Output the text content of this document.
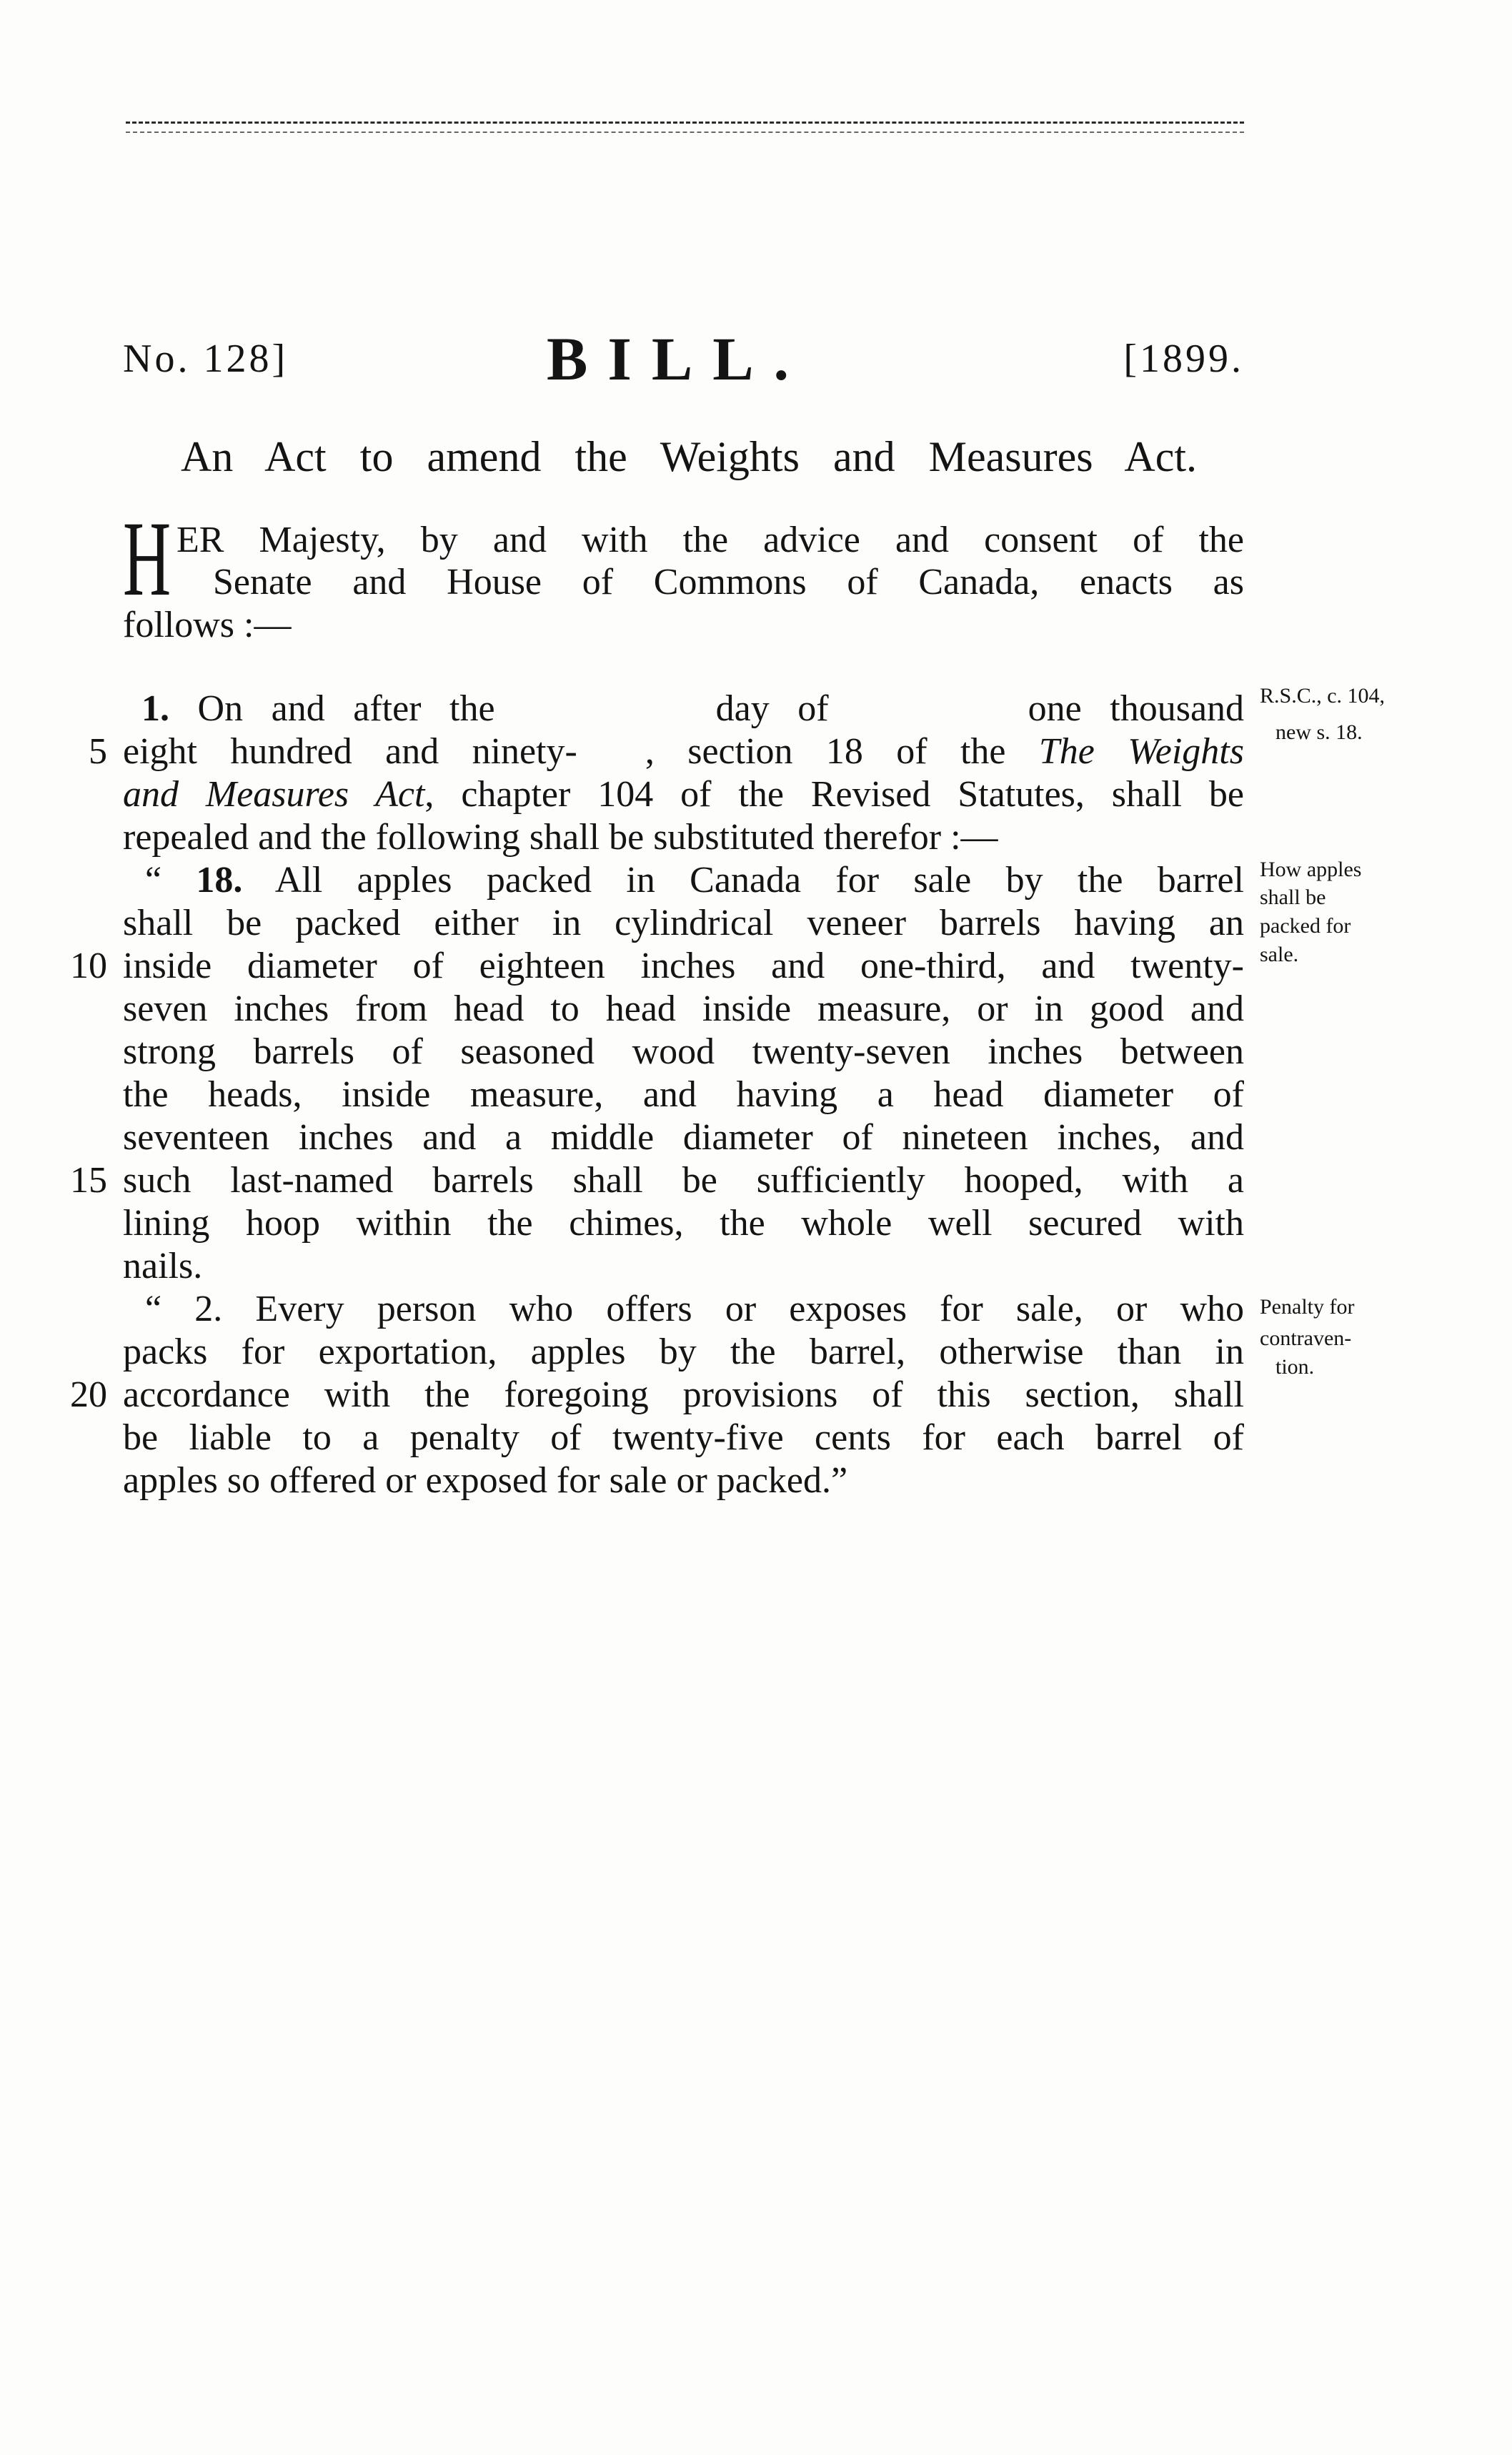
No. 128]	BILL.	[1899.
An Act to amend the Weights and Measures Act.
H ER Majesty, by and with the advice and consent of the
Senate and House of Commons of Canada, enacts as
follows :—
1. On and after the	day of	one thousand
eight hundred and ninety- , section 18 of the The Weights
and Measures Act, chapter 104 of the Revised Statutes, shall be
repealed and the following shall be substituted therefor :—
“ 18. All apples packed in Canada for sale by the barrel
shall be packed either in cylindrical veneer barrels having an
inside diameter of eighteen inches and one-third, and twenty-
seven inches from head to head inside measure, or in good and
strong barrels of seasoned wood twenty-seven inches between
the heads, inside measure, and having a head diameter of
seventeen inches and a middle diameter of nineteen inches, and
such last-named barrels shall be sufficiently hooped, with a
lining hoop within the chimes, the whole well secured with
nails.
“ 2. Every person who offers or exposes for sale, or who
packs for exportation, apples by the barrel, otherwise than in
accordance with the foregoing provisions of this section, shall
be liable to a penalty of twenty-five cents for each barrel of
apples so offered or exposed for sale or packed.”
5
10
15
20
R.S.C., c. 104,
new s. 18.
How apples
shall be
packed for
sale.
Penalty for
contraven-
tion.
